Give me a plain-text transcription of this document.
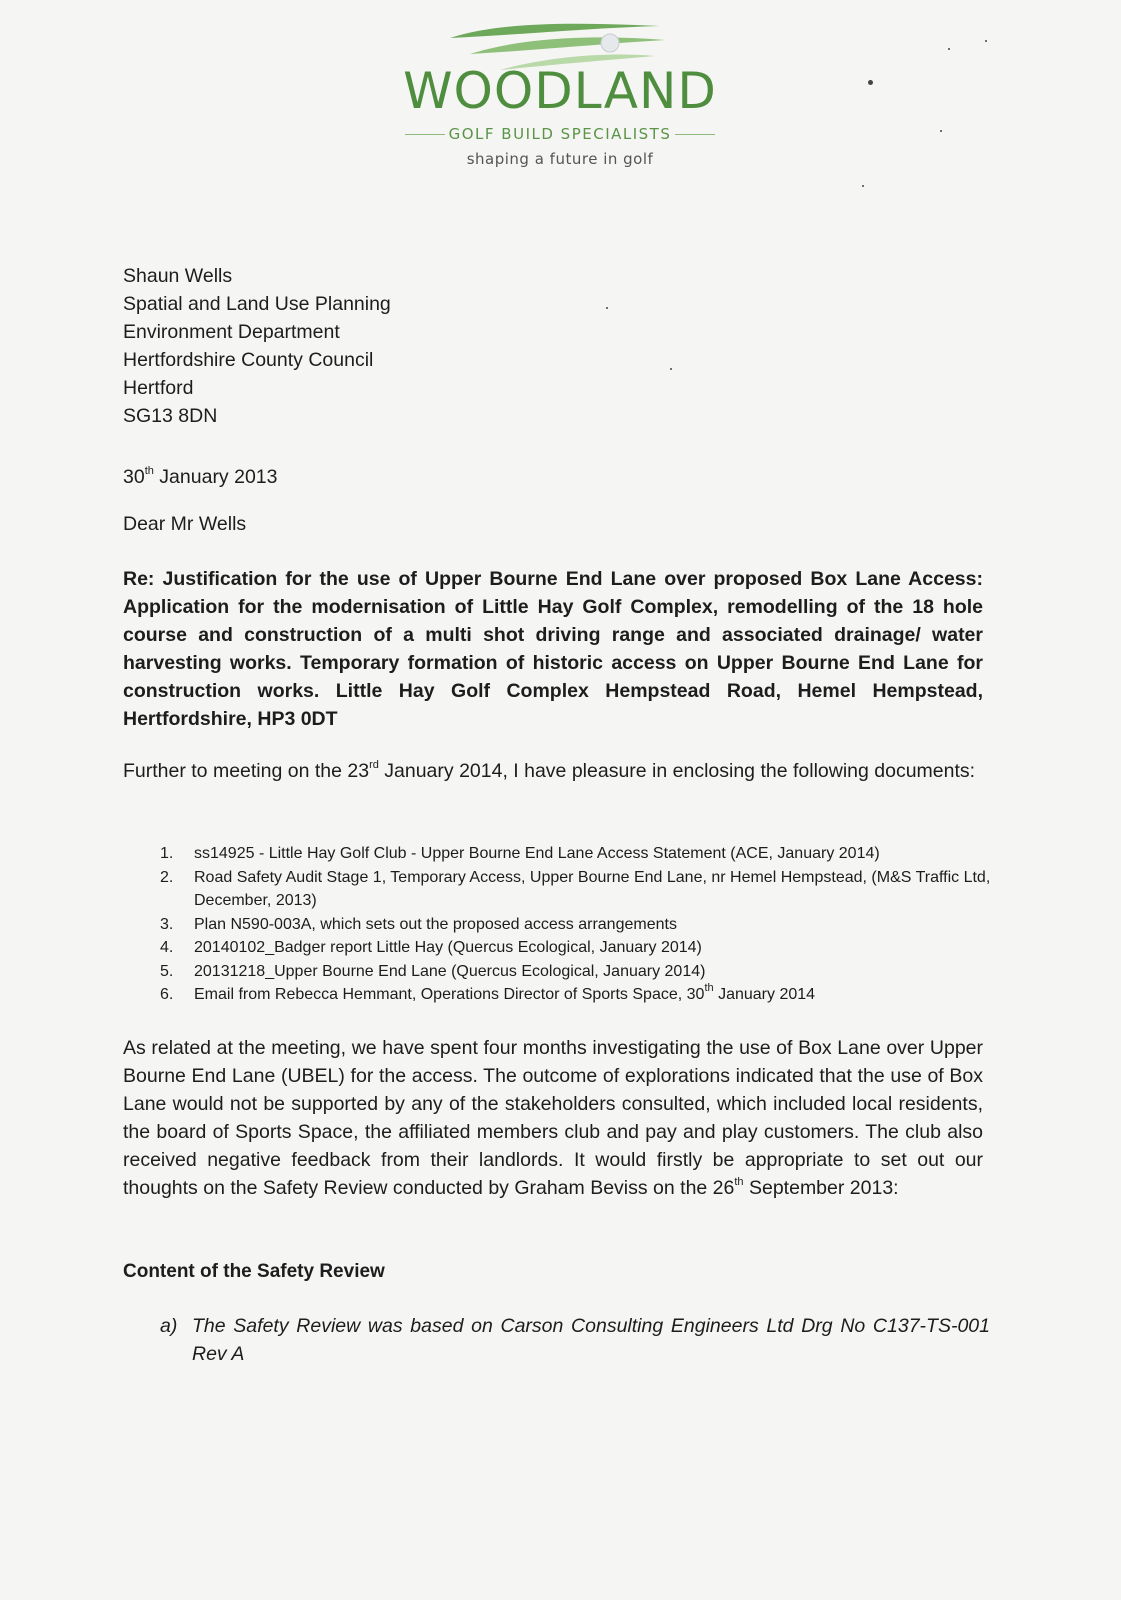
WOODLAND
GOLF BUILD SPECIALISTS
shaping a future in golf
Shaun Wells
Spatial and Land Use Planning
Environment Department
Hertfordshire County Council
Hertford
SG13 8DN
30th January 2013
Dear Mr Wells
Re: Justification for the use of Upper Bourne End Lane over proposed Box Lane Access: Application for the modernisation of Little Hay Golf Complex, remodelling of the 18 hole course and construction of a multi shot driving range and associated drainage/ water harvesting works. Temporary formation of historic access on Upper Bourne End Lane for construction works. Little Hay Golf Complex Hempstead Road, Hemel Hempstead, Hertfordshire, HP3 0DT
Further to meeting on the 23rd January 2014, I have pleasure in enclosing the following documents:
1.	ss14925 - Little Hay Golf Club - Upper Bourne End Lane Access Statement (ACE, January 2014)
2.	Road Safety Audit Stage 1, Temporary Access, Upper Bourne End Lane, nr Hemel Hempstead, (M&S Traffic Ltd, December, 2013)
3.	Plan N590-003A, which sets out the proposed access arrangements
4.	20140102_Badger report Little Hay (Quercus Ecological, January 2014)
5.	20131218_Upper Bourne End Lane (Quercus Ecological, January 2014)
6.	Email from Rebecca Hemmant, Operations Director of Sports Space, 30th January 2014
As related at the meeting, we have spent four months investigating the use of Box Lane over Upper Bourne End Lane (UBEL) for the access. The outcome of explorations indicated that the use of Box Lane would not be supported by any of the stakeholders consulted, which included local residents, the board of Sports Space, the affiliated members club and pay and play customers. The club also received negative feedback from their landlords. It would firstly be appropriate to set out our thoughts on the Safety Review conducted by Graham Beviss on the 26th September 2013:
Content of the Safety Review
a) The Safety Review was based on Carson Consulting Engineers Ltd Drg No C137-TS-001 Rev A
